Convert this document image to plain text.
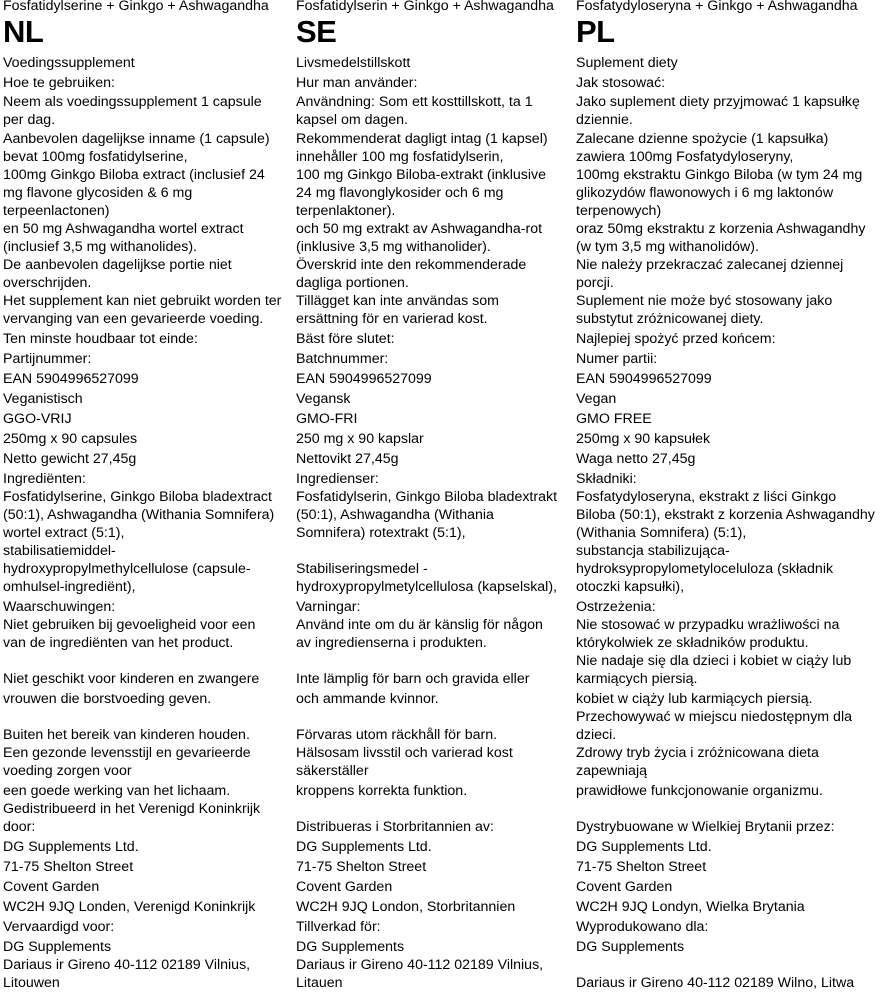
Fosfatidylserine + Ginkgo + Ashwagandha
NL
Voedingssupplement
Hoe te gebruiken:
Neem als voedingssupplement 1 capsule
per dag.
Aanbevolen dagelijkse inname (1 capsule)
bevat 100mg fosfatidylserine,
100mg Ginkgo Biloba extract (inclusief 24
mg flavone glycosiden & 6 mg
terpeenlactonen)
en 50 mg Ashwagandha wortel extract
(inclusief 3,5 mg withanolides).
De aanbevolen dagelijkse portie niet
overschrijden.
Het supplement kan niet gebruikt worden ter
vervanging van een gevarieerde voeding.
Ten minste houdbaar tot einde:
Partijnummer:
EAN 5904996527099
Veganistisch
GGO-VRIJ
250mg x 90 capsules
Netto gewicht 27,45g
Ingrediënten:
Fosfatidylserine, Ginkgo Biloba bladextract
(50:1), Ashwagandha (Withania Somnifera)
wortel extract (5:1),
stabilisatiemiddel-
hydroxypropylmethylcellulose (capsule-
omhulsel-ingrediënt),
Waarschuwingen:
Niet gebruiken bij gevoeligheid voor een
van de ingrediënten van het product.
Niet geschikt voor kinderen en zwangere
vrouwen die borstvoeding geven.
Buiten het bereik van kinderen houden.
Een gezonde levensstijl en gevarieerde
voeding zorgen voor
een goede werking van het lichaam.
Gedistribueerd in het Verenigd Koninkrijk
door:
DG Supplements Ltd.
71-75 Shelton Street
Covent Garden
WC2H 9JQ Londen, Verenigd Koninkrijk
Vervaardigd voor:
DG Supplements
Dariaus ir Gireno 40-112 02189 Vilnius,
Litouwen
Fosfatidylserin + Ginkgo + Ashwagandha
SE
Livsmedelstillskott
Hur man använder:
Användning: Som ett kosttillskott, ta 1
kapsel om dagen.
Rekommenderat dagligt intag (1 kapsel)
innehåller 100 mg fosfatidylserin,
100 mg Ginkgo Biloba-extrakt (inklusive
24 mg flavonglykosider och 6 mg
terpenlaktoner).
och 50 mg extrakt av Ashwagandha-rot
(inklusive 3,5 mg withanolider).
Överskrid inte den rekommenderade
dagliga portionen.
Tillägget kan inte användas som
ersättning för en varierad kost.
Bäst före slutet:
Batchnummer:
EAN 5904996527099
Vegansk
GMO-FRI
250 mg x 90 kapslar
Nettovikt 27,45g
Ingredienser:
Fosfatidylserin, Ginkgo Biloba bladextrakt
(50:1), Ashwagandha (Withania
Somnifera) rotextrakt (5:1),
Stabiliseringsmedel -
hydroxypropylmetylcellulosa (kapselskal),
Varningar:
Använd inte om du är känslig för någon
av ingredienserna i produkten.
Inte lämplig för barn och gravida eller
och ammande kvinnor.
Förvaras utom räckhåll för barn.
Hälsosam livsstil och varierad kost
säkerställer
kroppens korrekta funktion.
Distribueras i Storbritannien av:
DG Supplements Ltd.
71-75 Shelton Street
Covent Garden
WC2H 9JQ London, Storbritannien
Tillverkad för:
DG Supplements
Dariaus ir Gireno 40-112 02189 Vilnius,
Litauen
Fosfatydyloseryna + Ginkgo + Ashwagandha
PL
Suplement diety
Jak stosować:
Jako suplement diety przyjmować 1 kapsułkę
dziennie.
Zalecane dzienne spożycie (1 kapsułka)
zawiera 100mg Fosfatydyloseryny,
100mg ekstraktu Ginkgo Biloba (w tym 24 mg
glikozydów flawonowych i 6 mg laktonów
terpenowych)
oraz 50mg ekstraktu z korzenia Ashwagandhy
(w tym 3,5 mg withanolidów).
Nie należy przekraczać zalecanej dziennej
porcji.
Suplement nie może być stosowany jako
substytut zróżnicowanej diety.
Najlepiej spożyć przed końcem:
Numer partii:
EAN 5904996527099
Vegan
GMO FREE
250mg x 90 kapsułek
Waga netto 27,45g
Składniki:
Fosfatydyloseryna, ekstrakt z liści Ginkgo
Biloba (50:1), ekstrakt z korzenia Ashwagandhy
(Withania Somnifera) (5:1),
substancja stabilizująca-
hydroksypropylometyloceluloza (składnik
otoczki kapsułki),
Ostrzeżenia:
Nie stosować w przypadku wrażliwości na
którykolwiek ze składników produktu.
Nie nadaje się dla dzieci i kobiet w ciąży lub
karmiących piersią.
kobiet w ciąży lub karmiących piersią.
Przechowywać w miejscu niedostępnym dla
dzieci.
Zdrowy tryb życia i zróżnicowana dieta
zapewniają
prawidłowe funkcjonowanie organizmu.
Dystrybuowane w Wielkiej Brytanii przez:
DG Supplements Ltd.
71-75 Shelton Street
Covent Garden
WC2H 9JQ Londyn, Wielka Brytania
Wyprodukowano dla:
DG Supplements
Dariaus ir Gireno 40-112 02189 Wilno, Litwa
